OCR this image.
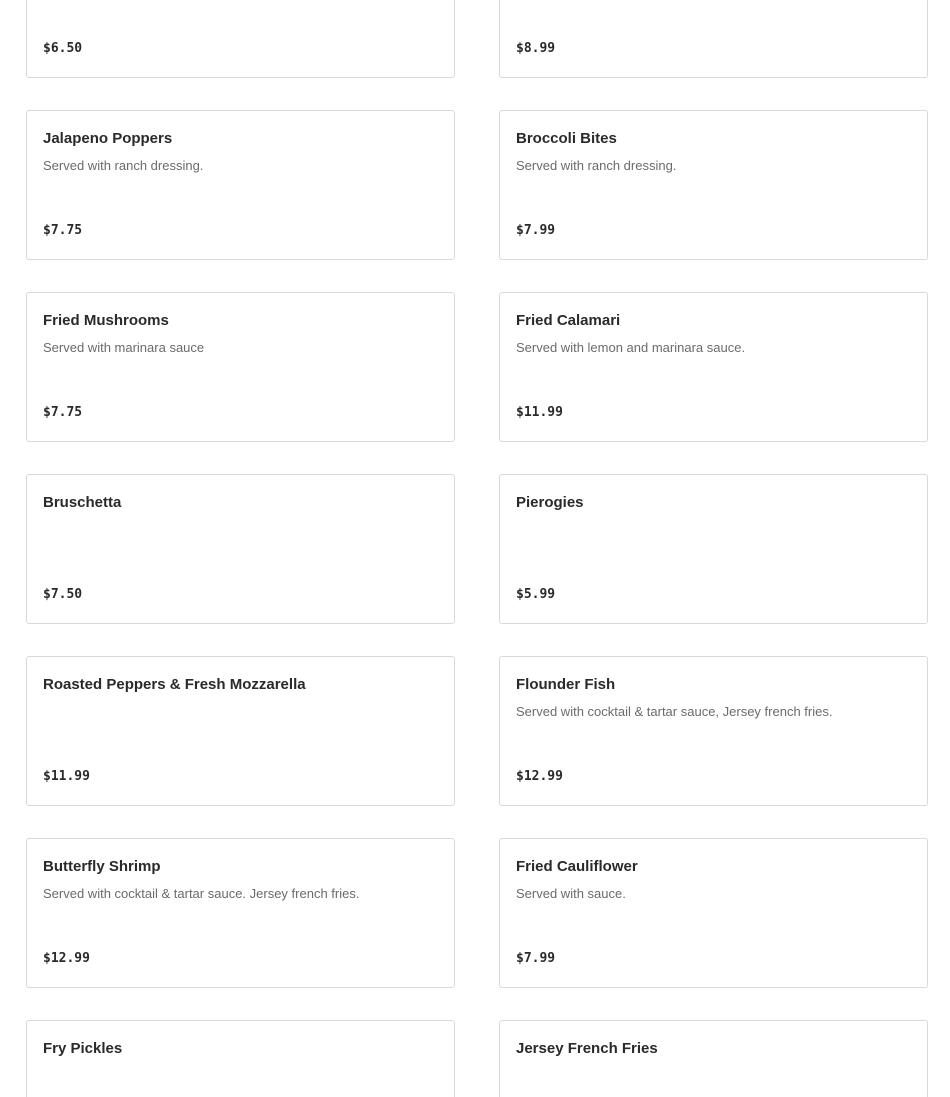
$6.50	$8.99
Jalapeno Poppers
Served with ranch dressing.
$7.75
Broccoli Bites
Served with ranch dressing.
$7.99
Fried Mushrooms
Served with marinara sauce
$7.75
Fried Calamari
Served with lemon and marinara sauce.
$11.99
Bruschetta
$7.50
Pierogies
$5.99
Roasted Peppers & Fresh Mozzarella
$11.99
Flounder Fish
Served with cocktail & tartar sauce, Jersey french fries.
$12.99
Butterfly Shrimp
Served with cocktail & tartar sauce. Jersey french fries.
$12.99
Fried Cauliflower
Served with sauce.
$7.99
Fry Pickles	Jersey French Fries
